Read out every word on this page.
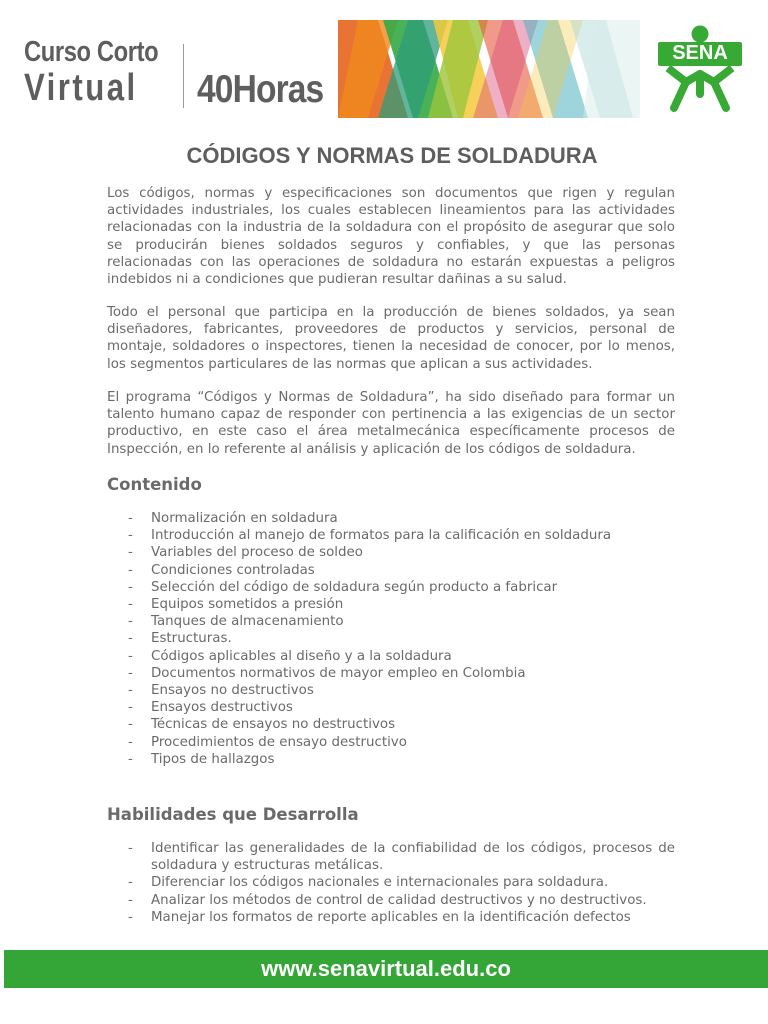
Curso Corto
Virtual 40Horas
SENA
CÓDIGOS Y NORMAS DE SOLDADURA

Los códigos, normas y especificaciones son documentos que rigen y regulan actividades industriales, los cuales establecen lineamientos para las actividades relacionadas con la industria de la soldadura con el propósito de asegurar que solo se producirán bienes soldados seguros y confiables, y que las personas relacionadas con las operaciones de soldadura no estarán expuestas a peligros indebidos ni a condiciones que pudieran resultar dañinas a su salud.

Todo el personal que participa en la producción de bienes soldados, ya sean diseñadores, fabricantes, proveedores de productos y servicios, personal de montaje, soldadores o inspectores, tienen la necesidad de conocer, por lo menos, los segmentos particulares de las normas que aplican a sus actividades.

El programa “Códigos y Normas de Soldadura”, ha sido diseñado para formar un talento humano capaz de responder con pertinencia a las exigencias de un sector productivo, en este caso el área metalmecánica específicamente procesos de Inspección, en lo referente al análisis y aplicación de los códigos de soldadura.

Contenido
- Normalización en soldadura
- Introducción al manejo de formatos para la calificación en soldadura
- Variables del proceso de soldeo
- Condiciones controladas
- Selección del código de soldadura según producto a fabricar
- Equipos sometidos a presión
- Tanques de almacenamiento
- Estructuras.
- Códigos aplicables al diseño y a la soldadura
- Documentos normativos de mayor empleo en Colombia
- Ensayos no destructivos
- Ensayos destructivos
- Técnicas de ensayos no destructivos
- Procedimientos de ensayo destructivo
- Tipos de hallazgos
Habilidades que Desarrolla
- Identificar las generalidades de la confiabilidad de los códigos, procesos de soldadura y estructuras metálicas.
- Diferenciar los códigos nacionales e internacionales para soldadura.
- Analizar los métodos de control de calidad destructivos y no destructivos.
- Manejar los formatos de reporte aplicables en la identificación defectos
www.senavirtual.edu.co
